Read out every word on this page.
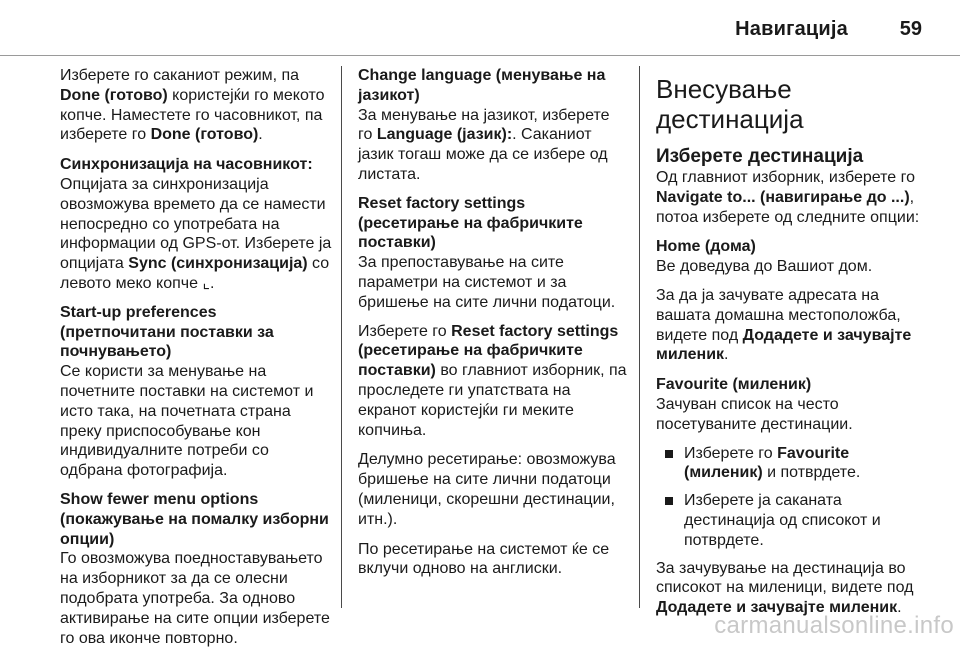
Навигација	59

Изберете го саканиот режим, па Done (готово) користејќи го мекото копче. Наместете го часовникот, па изберете го Done (готово).

Синхронизација на часовникот:
Опцијата за синхронизација овозможува времето да се намести непосредно со употребата на информации од GPS-от. Изберете ја опцијата Sync (синхронизација) со левото меко копче ⌞.
Start-up preferences (претпочитани поставки за почнувањето)
Се користи за менување на почетните поставки на системот и исто така, на почетната страна преку приспособување кон индивидуалните потреби со одбрана фотографија.
Show fewer menu options (покажување на помалку изборни опции)
Го овозможува поедноставувањето на изборникот за да се олесни подобрата употреба. За одново активирање на сите опции изберете го ова иконче повторно.
Change language (менување на јазикот)
За менување на јазикот, изберете го Language (јазик):. Саканиот јазик тогаш може да се избере од листата.
Reset factory settings (ресетирање на фабричките поставки)
За препоставување на сите параметри на системот и за бришење на сите лични податоци.

Изберете го Reset factory settings (ресетирање на фабричките поставки) во главниот изборник, па проследете ги упатствата на екранот користејќи ги меките копчиња.

Делумно ресетирање: овозможува бришење на сите лични податоци (миленици, скорешни дестинации, итн.).

По ресетирање на системот ќе се вклучи одново на англиски.

Внесување дестинација
Изберете дестинација

Од главниот изборник, изберете го Navigate to... (навигирање до ...), потоа изберете од следните опции:

Home (дома)
Ве доведува до Вашиот дом.

За да ја зачувате адресата на вашата домашна местоположба, видете под Додадете и зачувајте миленик.

Favourite (миленик)
Зачуван список на често посетуваните дестинации.
Изберете го Favourite (миленик) и потврдете.
Изберете ја саканата дестинација од списокот и потврдете.

За зачувување на дестинација во списокот на миленици, видете под Додадете и зачувајте миленик.

carmanualsonline.info
